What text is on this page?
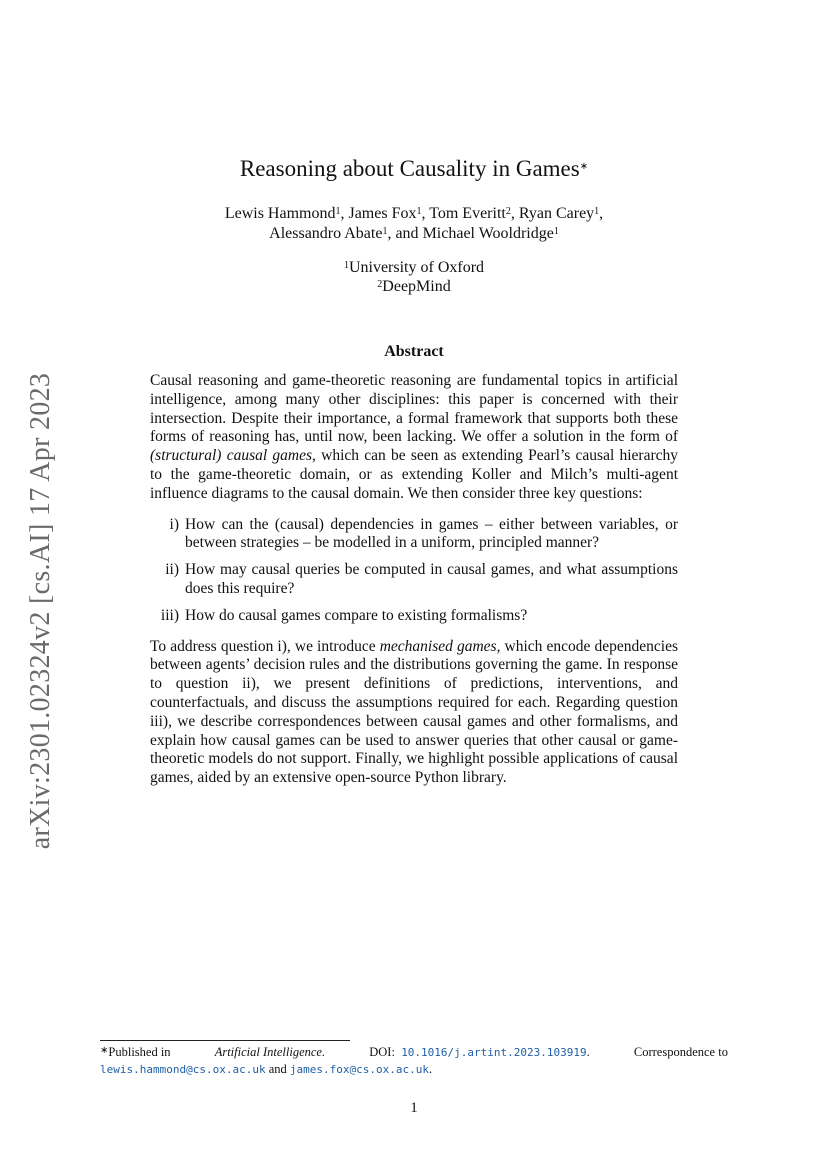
arXiv:2301.02324v2 [cs.AI] 17 Apr 2023
Reasoning about Causality in Games∗
Lewis Hammond$^1$, James Fox$^1$, Tom Everitt$^2$, Ryan Carey$^1$,
Alessandro Abate$^1$, and Michael Wooldridge$^1$
$^1$University of Oxford
$^2$DeepMind
Abstract

Causal reasoning and game-theoretic reasoning are fundamental topics in artificial intelligence, among many other disciplines: this paper is concerned with their intersection. Despite their importance, a formal framework that supports both these forms of reasoning has, until now, been lacking. We offer a solution in the form of (structural) causal games, which can be seen as extending Pearl’s causal hierarchy to the game-theoretic domain, or as extending Koller and Milch’s multi-agent influence diagrams to the causal domain. We then consider three key questions:

i) How can the (causal) dependencies in games – either between variables, or between strategies – be modelled in a uniform, principled manner?
ii) How may causal queries be computed in causal games, and what assumptions does this require?
iii) How do causal games compare to existing formalisms?

To address question i), we introduce mechanised games, which encode dependencies between agents’ decision rules and the distributions governing the game. In response to question ii), we present definitions of predictions, interventions, and counterfactuals, and discuss the assumptions required for each. Regarding question iii), we describe correspondences between causal games and other formalisms, and explain how causal games can be used to answer queries that other causal or game-theoretic models do not support. Finally, we highlight possible applications of causal games, aided by an extensive open-source Python library.

∗Published in	Artificial Intelligence.	DOI: 10.1016/j.artint.2023.103919.	Correspondence to
lewis.hammond@cs.ox.ac.uk and james.fox@cs.ox.ac.uk.
1
